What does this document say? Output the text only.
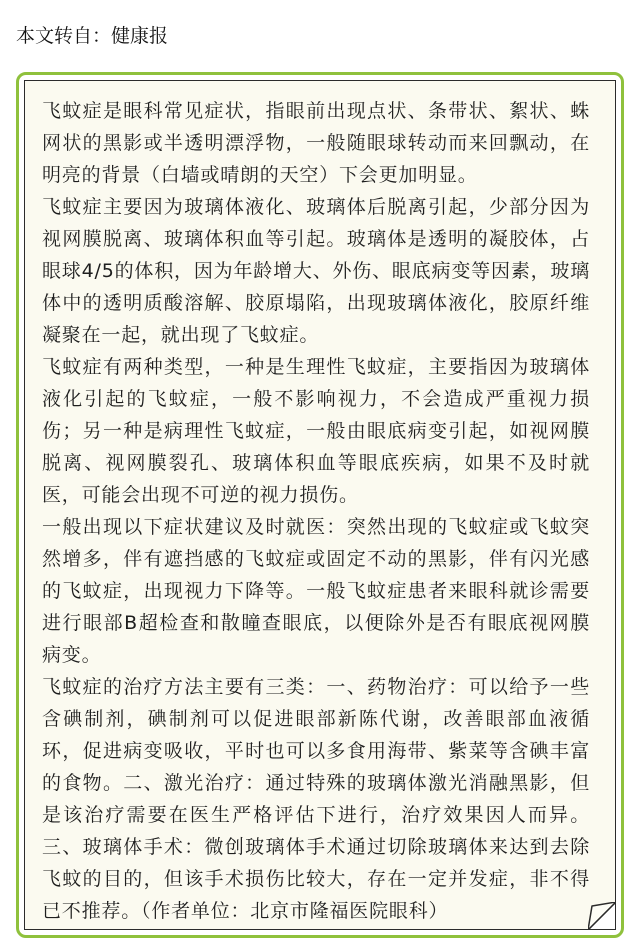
本文转自：健康报

飞蚊症是眼科常见症状，指眼前出现点状、条带状、絮状、蛛网状的黑影或半透明漂浮物，一般随眼球转动而来回飘动，在明亮的背景（白墙或晴朗的天空）下会更加明显。

飞蚊症主要因为玻璃体液化、玻璃体后脱离引起，少部分因为视网膜脱离、玻璃体积血等引起。玻璃体是透明的凝胶体，占眼球4/5的体积，因为年龄增大、外伤、眼底病变等因素，玻璃体中的透明质酸溶解、胶原塌陷，出现玻璃体液化，胶原纤维凝聚在一起，就出现了飞蚊症。

飞蚊症有两种类型，一种是生理性飞蚊症，主要指因为玻璃体液化引起的飞蚊症，一般不影响视力，不会造成严重视力损伤；另一种是病理性飞蚊症，一般由眼底病变引起，如视网膜脱离、视网膜裂孔、玻璃体积血等眼底疾病，如果不及时就医，可能会出现不可逆的视力损伤。

一般出现以下症状建议及时就医：突然出现的飞蚊症或飞蚊突然增多，伴有遮挡感的飞蚊症或固定不动的黑影，伴有闪光感的飞蚊症，出现视力下降等。一般飞蚊症患者来眼科就诊需要进行眼部B超检查和散瞳查眼底，以便除外是否有眼底视网膜病变。

飞蚊症的治疗方法主要有三类：一、药物治疗：可以给予一些含碘制剂，碘制剂可以促进眼部新陈代谢，改善眼部血液循环，促进病变吸收，平时也可以多食用海带、紫菜等含碘丰富的食物。二、激光治疗：通过特殊的玻璃体激光消融黑影，但是该治疗需要在医生严格评估下进行，治疗效果因人而异。三、玻璃体手术：微创玻璃体手术通过切除玻璃体来达到去除飞蚊的目的，但该手术损伤比较大，存在一定并发症，非不得已不推荐。（作者单位：北京市隆福医院眼科）
